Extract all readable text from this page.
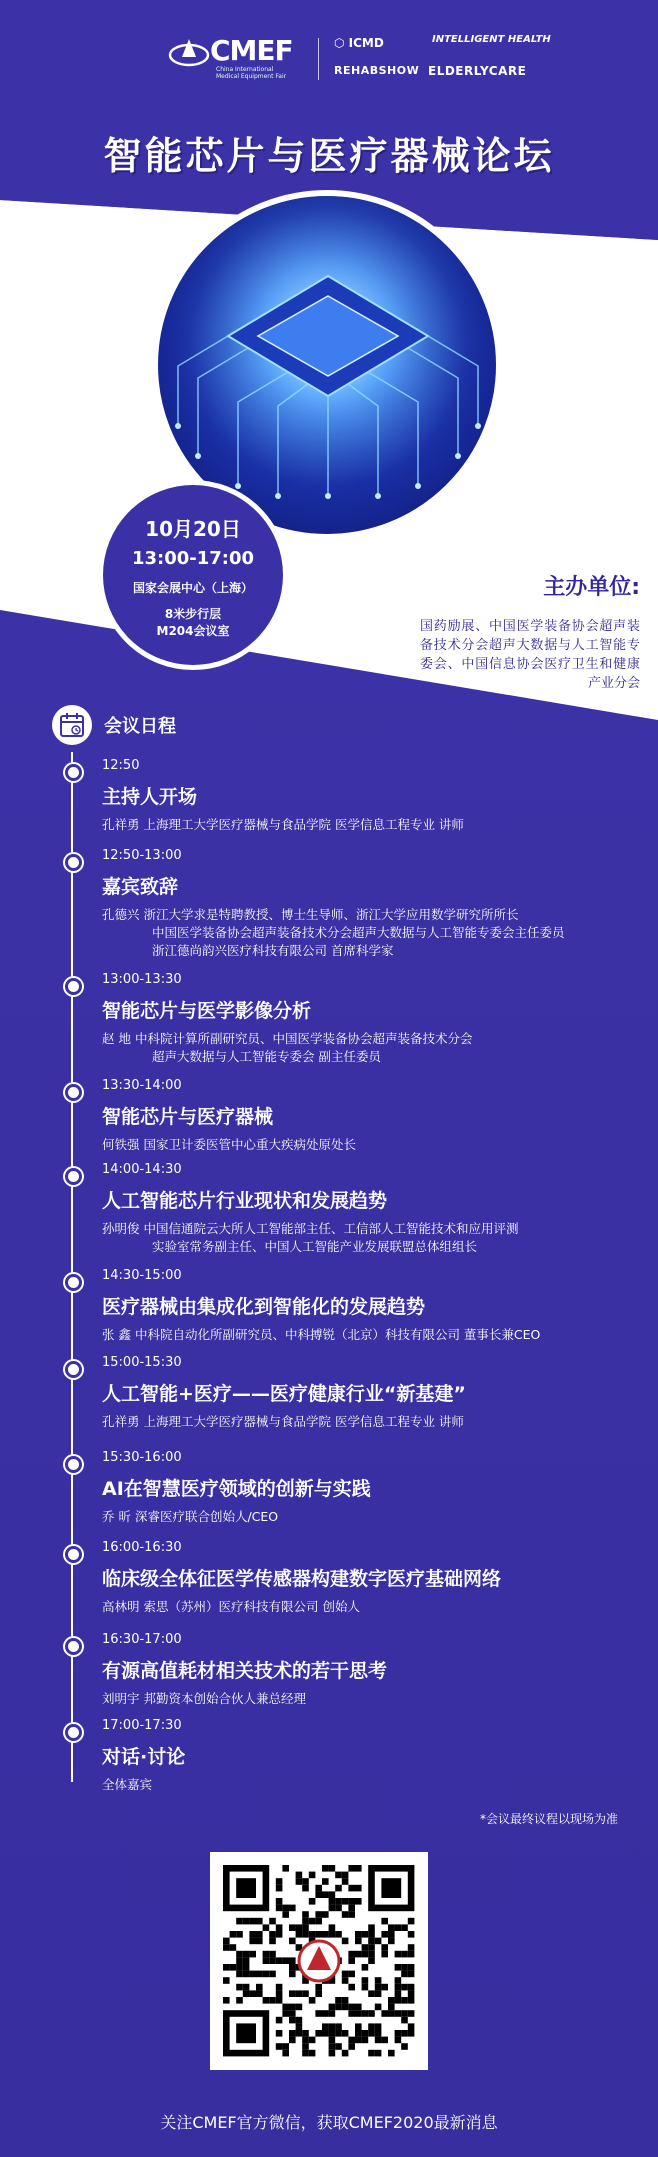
CMEF
China International Medical Equipment Fair
⬡ ICMD
REHABSHOW
INTELLIGENT HEALTH
ELDERLYCARE
智能芯片与医疗器械论坛
10月20日
13:00-17:00
国家会展中心（上海）
8米步行层
M204会议室
主办单位:
国药励展、中国医学装备协会超声装备技术分会超声大数据与人工智能专委会、中国信息协会医疗卫生和健康产业分会
会议日程
12:50
主持人开场
孔祥勇 上海理工大学医疗器械与食品学院 医学信息工程专业 讲师
12:50-13:00
嘉宾致辞
孔德兴 浙江大学求是特聘教授、博士生导师、浙江大学应用数学研究所所长
中国医学装备协会超声装备技术分会超声大数据与人工智能专委会主任委员
浙江德尚韵兴医疗科技有限公司 首席科学家
13:00-13:30
智能芯片与医学影像分析
赵 地 中科院计算所副研究员、中国医学装备协会超声装备技术分会
超声大数据与人工智能专委会 副主任委员
13:30-14:00
智能芯片与医疗器械
何铁强 国家卫计委医管中心重大疾病处原处长
14:00-14:30
人工智能芯片行业现状和发展趋势
孙明俊 中国信通院云大所人工智能部主任、工信部人工智能技术和应用评测
实验室常务副主任、中国人工智能产业发展联盟总体组组长
14:30-15:00
医疗器械由集成化到智能化的发展趋势
张 鑫 中科院自动化所副研究员、中科搏锐（北京）科技有限公司 董事长兼CEO
15:00-15:30
人工智能+医疗——医疗健康行业“新基建”
孔祥勇 上海理工大学医疗器械与食品学院 医学信息工程专业 讲师
15:30-16:00
AI在智慧医疗领域的创新与实践
乔 昕 深睿医疗联合创始人/CEO
16:00-16:30
临床级全体征医学传感器构建数字医疗基础网络
高林明 索思（苏州）医疗科技有限公司 创始人
16:30-17:00
有源高值耗材相关技术的若干思考
刘明宇 邦勤资本创始合伙人兼总经理
17:00-17:30
对话·讨论
全体嘉宾
*会议最终议程以现场为准
关注CMEF官方微信，获取CMEF2020最新消息
